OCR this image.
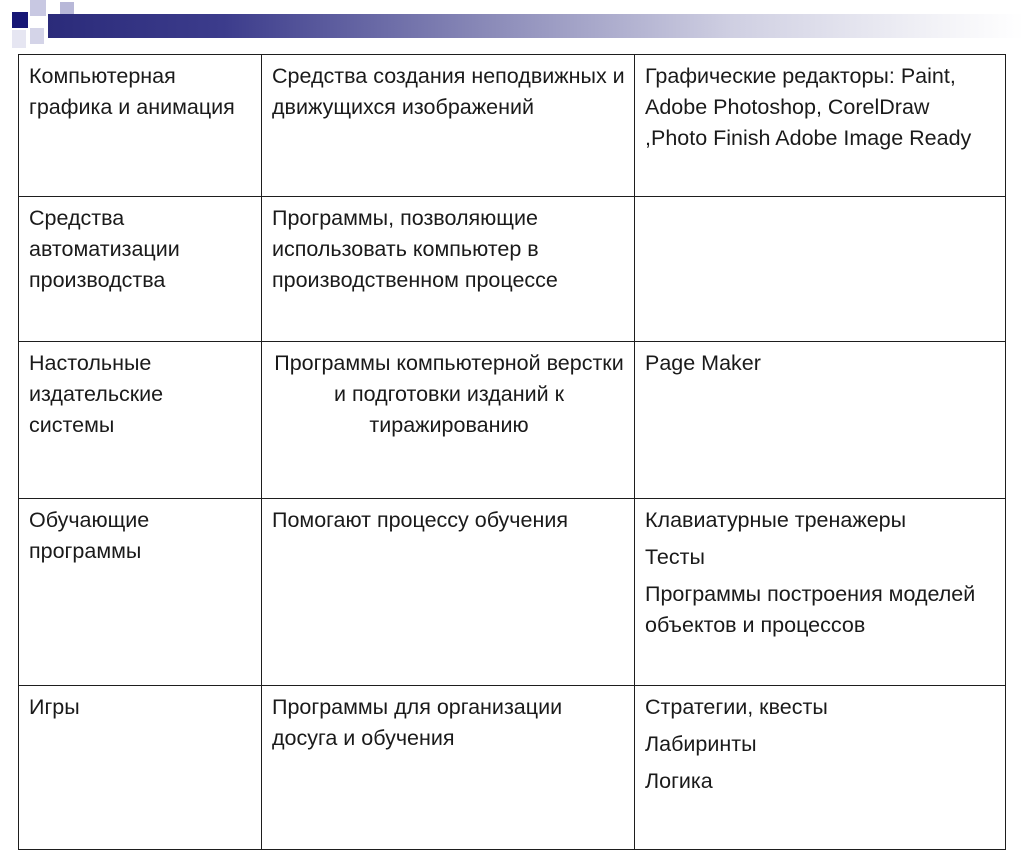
Компьютерная графика и анимация	Средства создания неподвижных и движущихся изображений	Графические редакторы: Paint, Adobe Photoshop, CorelDraw ,Photo Finish Adobe Image Ready

Средства автоматизации производства	Программы, позволяющие использовать компьютер в производственном процессе	
Настольные издательские системы	Программы компьютерной верстки и подготовки изданий к тиражированию	Page Maker

Обучающие программы	Помогают процессу обучения	Клавиатурные тренажеры
Тесты
Программы построения моделей объектов и процессов

Игры	Программы для организации досуга и обучения	Стратегии, квесты
Лабиринты
Логика
